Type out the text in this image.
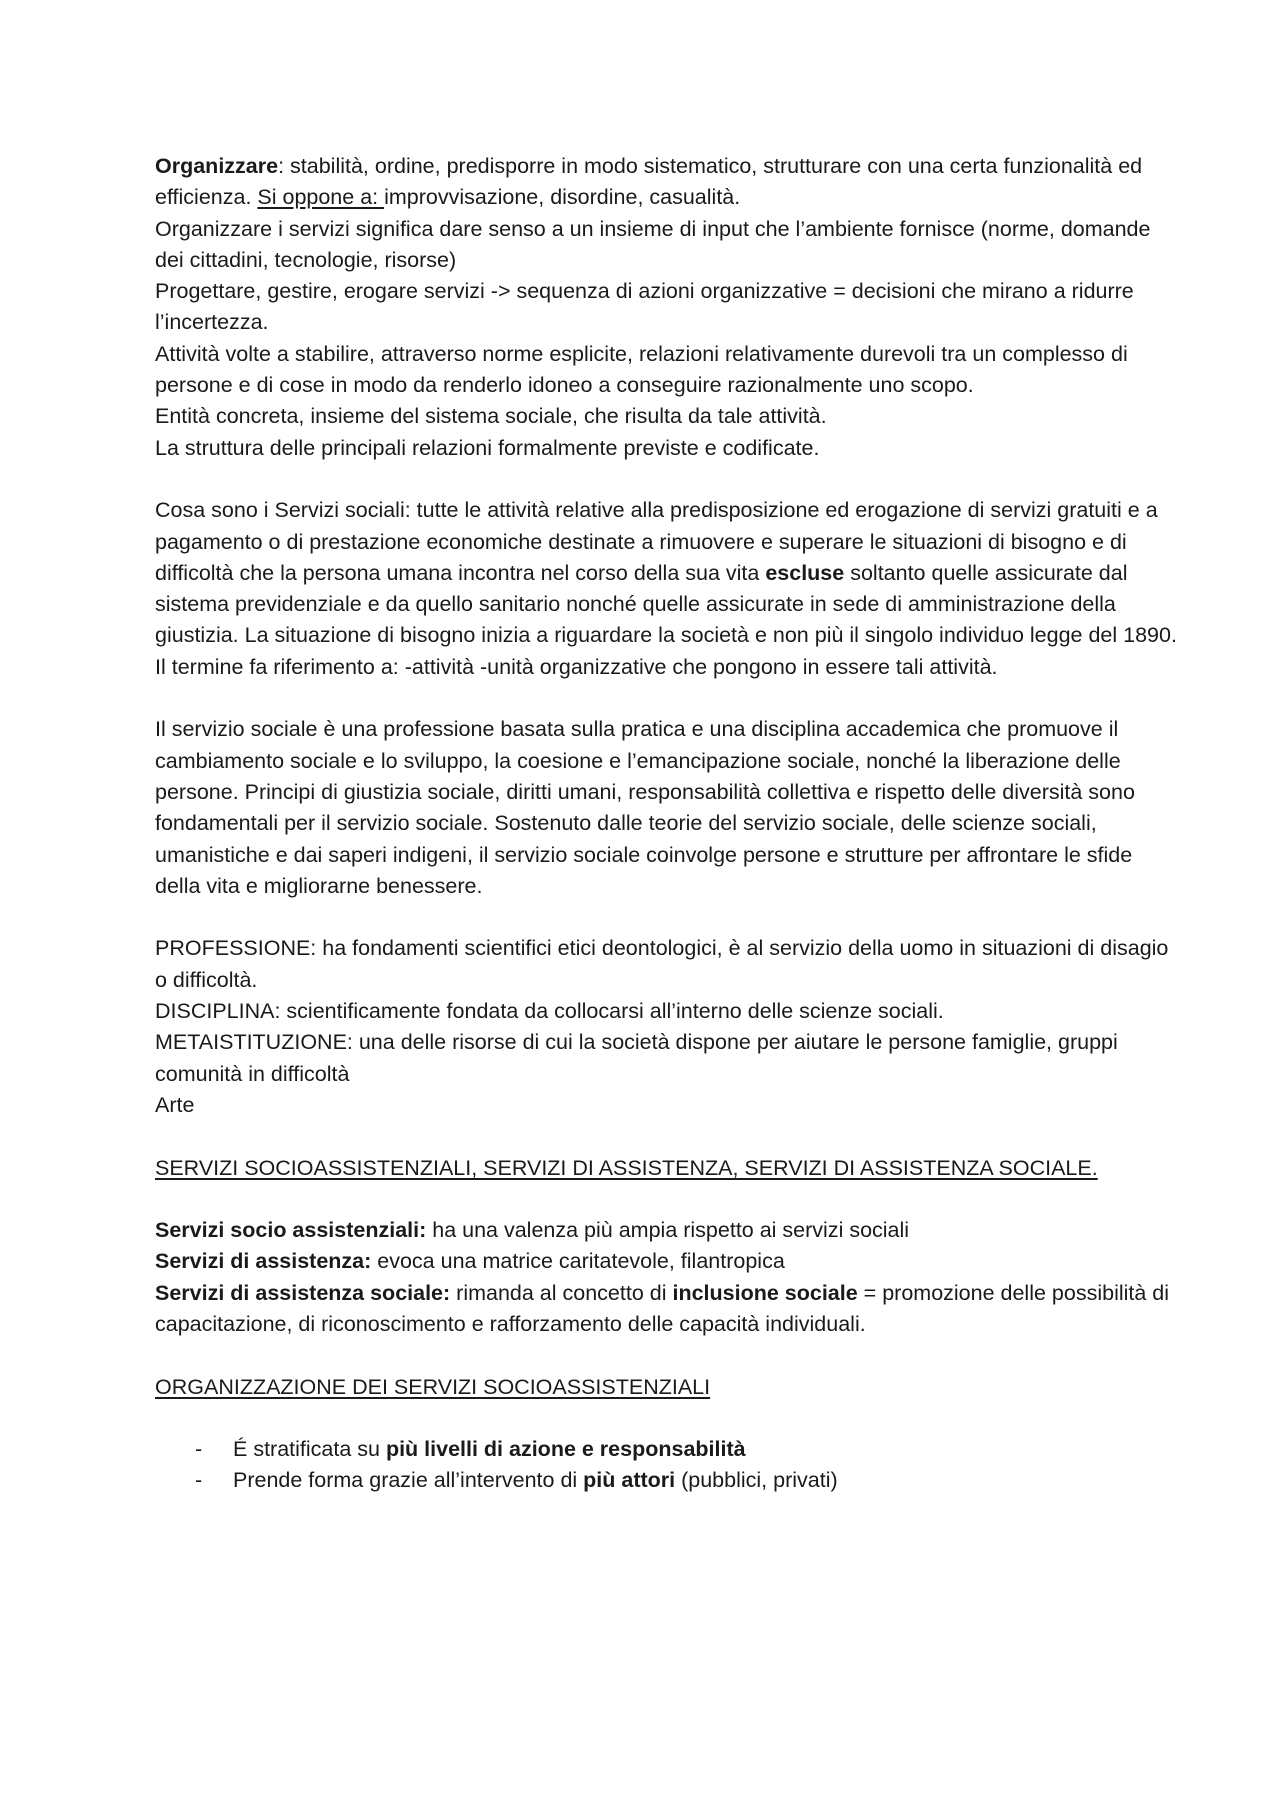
Organizzare: stabilità, ordine, predisporre in modo sistematico, strutturare con una certa funzionalità ed efficienza. Si oppone a: improvvisazione, disordine, casualità.

Organizzare i servizi significa dare senso a un insieme di input che l’ambiente fornisce (norme, domande dei cittadini, tecnologie, risorse)

Progettare, gestire, erogare servizi -> sequenza di azioni organizzative = decisioni che mirano a ridurre l’incertezza.

Attività volte a stabilire, attraverso norme esplicite, relazioni relativamente durevoli tra un complesso di persone e di cose in modo da renderlo idoneo a conseguire razionalmente uno scopo.

Entità concreta, insieme del sistema sociale, che risulta da tale attività.

La struttura delle principali relazioni formalmente previste e codificate.

Cosa sono i Servizi sociali: tutte le attività relative alla predisposizione ed erogazione di servizi gratuiti e a pagamento o di prestazione economiche destinate a rimuovere e superare le situazioni di bisogno e di difficoltà che la persona umana incontra nel corso della sua vita escluse soltanto quelle assicurate dal sistema previdenziale e da quello sanitario nonché quelle assicurate in sede di amministrazione della giustizia. La situazione di bisogno inizia a riguardare la società e non più il singolo individuo legge del 1890.

Il termine fa riferimento a: -attività -unità organizzative che pongono in essere tali attività.

Il servizio sociale è una professione basata sulla pratica e una disciplina accademica che promuove il cambiamento sociale e lo sviluppo, la coesione e l’emancipazione sociale, nonché la liberazione delle persone. Principi di giustizia sociale, diritti umani, responsabilità collettiva e rispetto delle diversità sono fondamentali per il servizio sociale. Sostenuto dalle teorie del servizio sociale, delle scienze sociali, umanistiche e dai saperi indigeni, il servizio sociale coinvolge persone e strutture per affrontare le sfide della vita e migliorarne benessere.

PROFESSIONE: ha fondamenti scientifici etici deontologici, è al servizio della uomo in situazioni di disagio o difficoltà.

DISCIPLINA: scientificamente fondata da collocarsi all’interno delle scienze sociali.

METAISTITUZIONE: una delle risorse di cui la società dispone per aiutare le persone famiglie, gruppi comunità in difficoltà

Arte

SERVIZI SOCIOASSISTENZIALI, SERVIZI DI ASSISTENZA, SERVIZI DI ASSISTENZA SOCIALE.

Servizi socio assistenziali: ha una valenza più ampia rispetto ai servizi sociali

Servizi di assistenza: evoca una matrice caritatevole, filantropica

Servizi di assistenza sociale: rimanda al concetto di inclusione sociale = promozione delle possibilità di capacitazione, di riconoscimento e rafforzamento delle capacità individuali.

ORGANIZZAZIONE DEI SERVIZI SOCIOASSISTENZIALI

- É stratificata su più livelli di azione e responsabilità
- Prende forma grazie all’intervento di più attori (pubblici, privati)
